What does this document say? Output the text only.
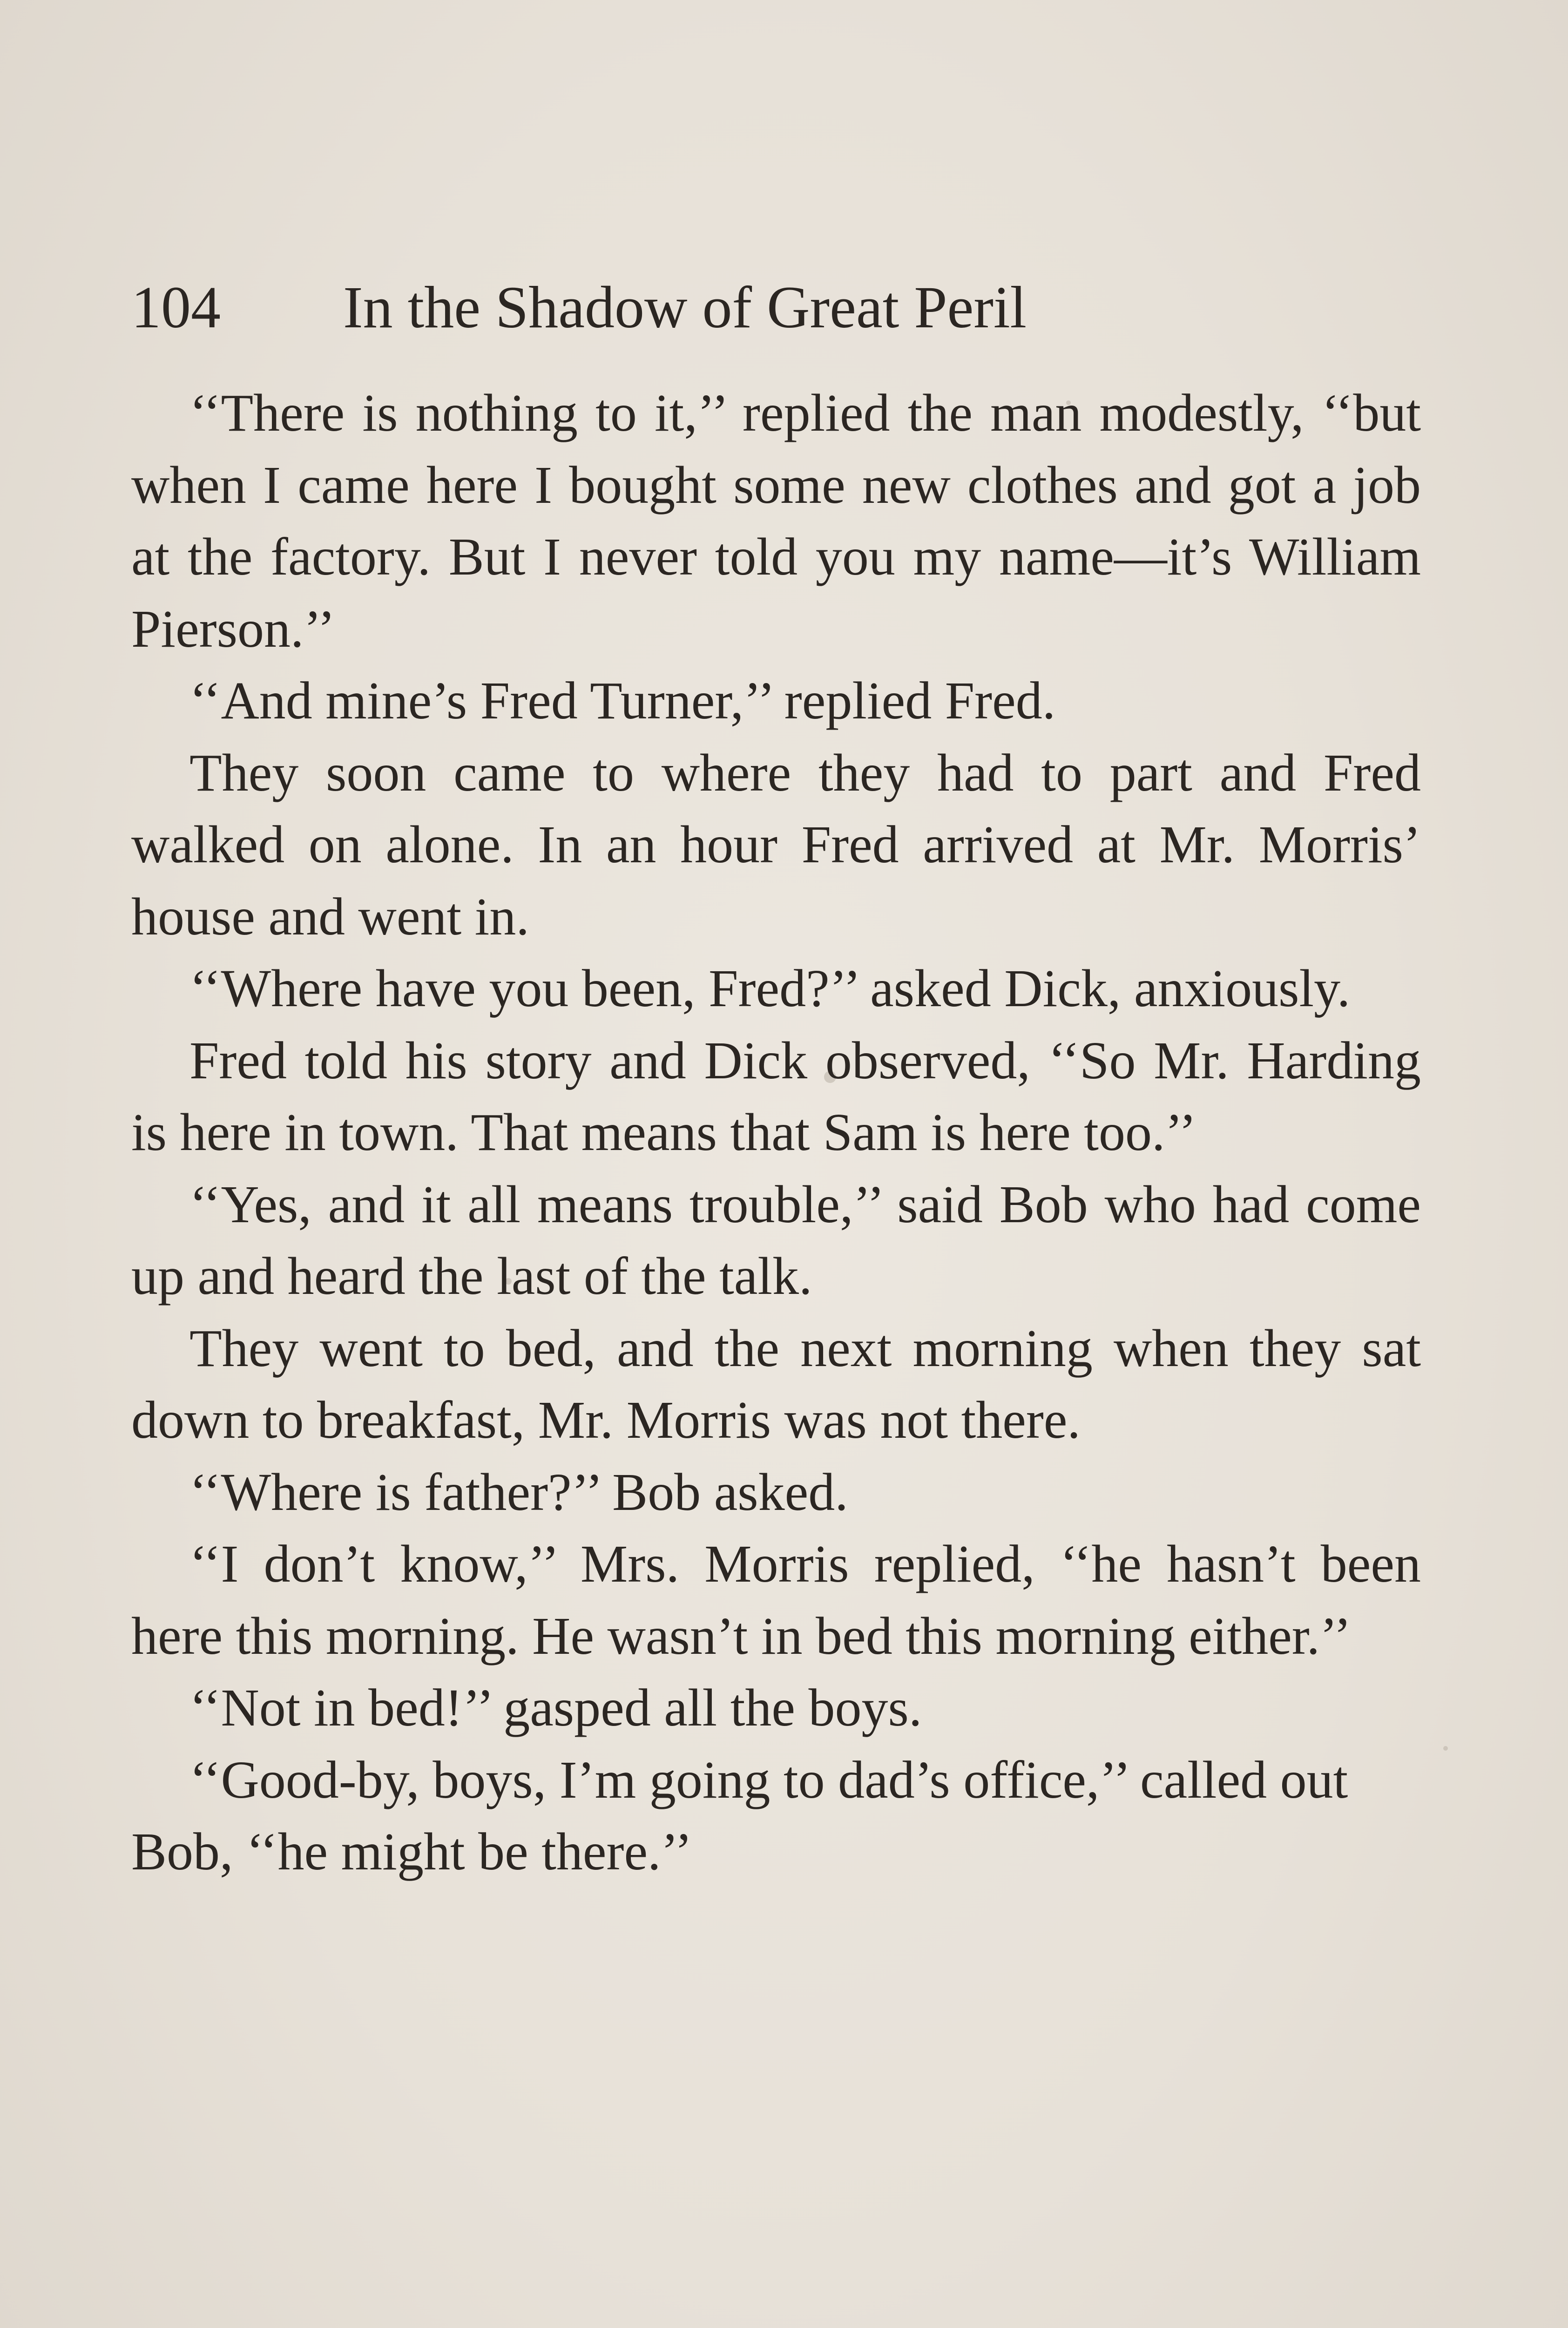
104 In the Shadow of Great Peril

‘‘There is nothing to it,’’ replied the man modestly, ‘‘but when I came here I bought some new clothes and got a job at the factory. But I never told you my name—it’s William Pierson.’’

‘‘And mine’s Fred Turner,’’ replied Fred.

They soon came to where they had to part and Fred walked on alone. In an hour Fred arrived at Mr. Morris’ house and went in.

‘‘Where have you been, Fred?’’ asked Dick, anxiously.

Fred told his story and Dick observed, ‘‘So Mr. Harding is here in town. That means that Sam is here too.’’

‘‘Yes, and it all means trouble,’’ said Bob who had come up and heard the last of the talk.

They went to bed, and the next morning when they sat down to breakfast, Mr. Morris was not there.

‘‘Where is father?’’ Bob asked.

‘‘I don’t know,’’ Mrs. Morris replied, ‘‘he hasn’t been here this morning. He wasn’t in bed this morning either.’’

‘‘Not in bed!’’ gasped all the boys.

‘‘Good-by, boys, I’m going to dad’s office,’’ called out Bob, ‘‘he might be there.’’
